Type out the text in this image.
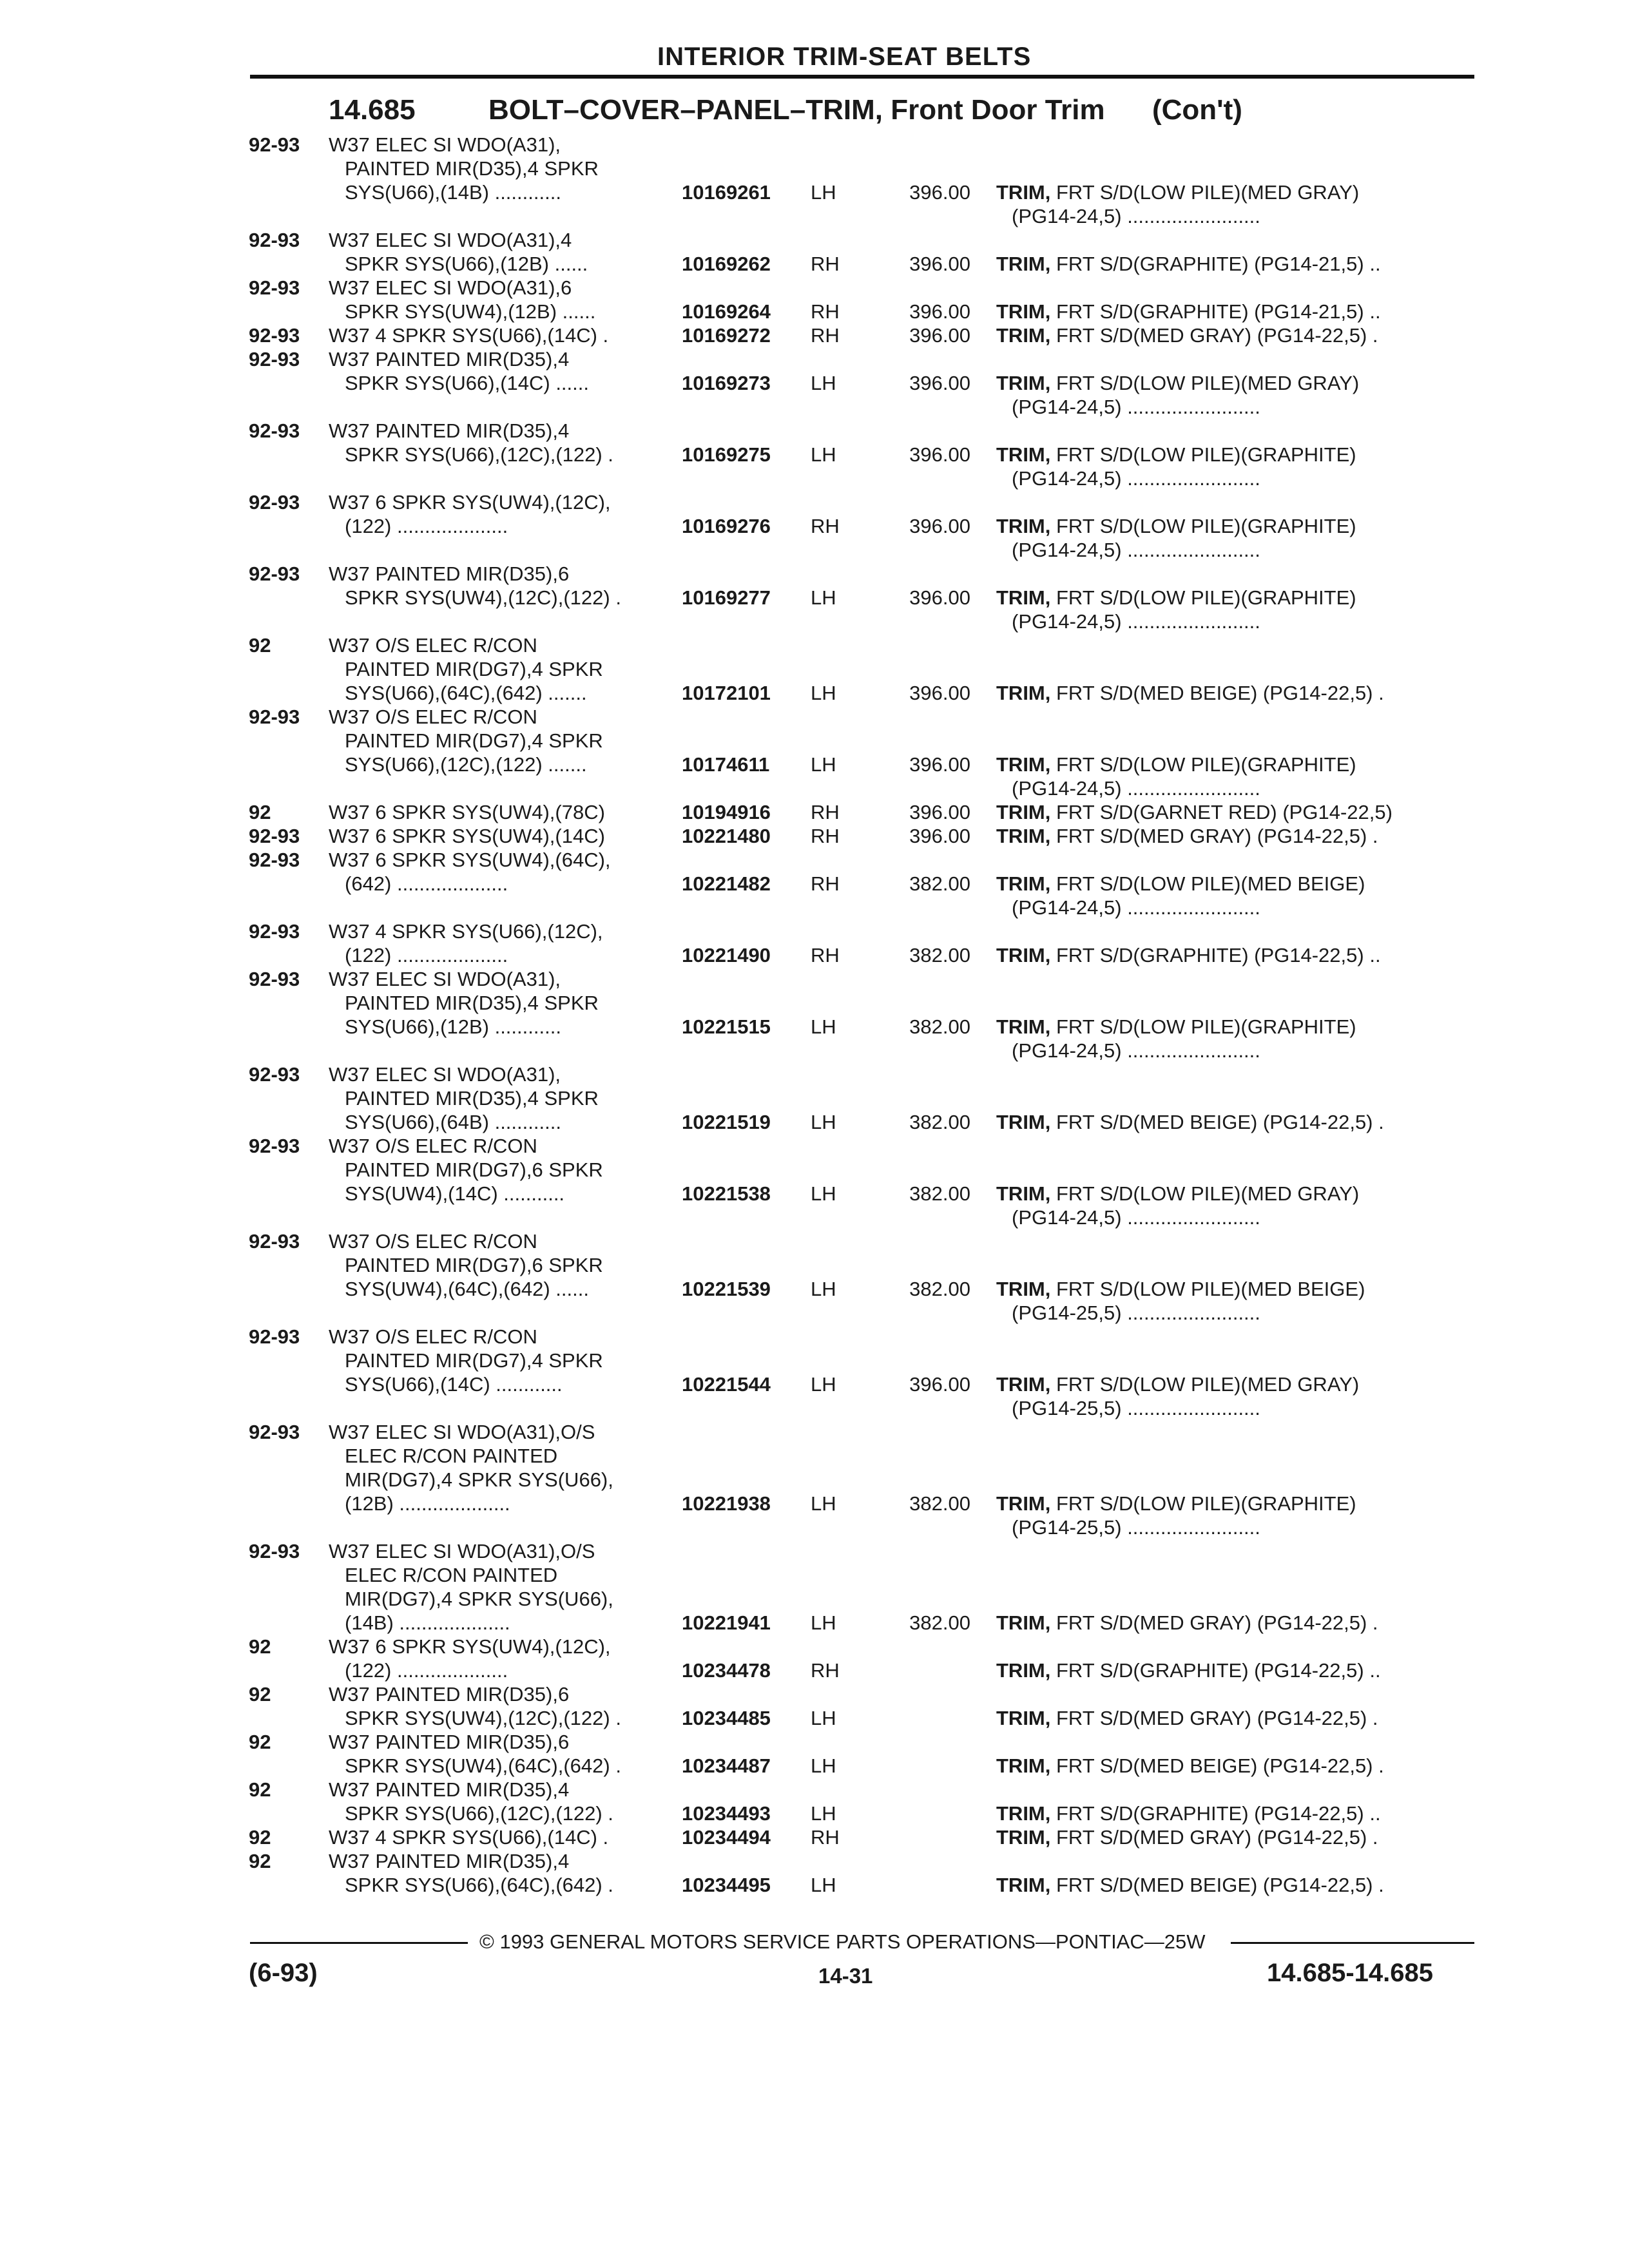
INTERIOR TRIM-SEAT BELTS
14.685	BOLT–COVER–PANEL–TRIM, Front Door Trim (Con't)
92-93 W37 ELEC SI WDO(A31),
PAINTED MIR(D35),4 SPKR
SYS(U66),(14B) ............	10169261 LH	396.00 TRIM, FRT S/D(LOW PILE)(MED GRAY)
(PG14-24,5) ........................
92-93 W37 ELEC SI WDO(A31),4
SPKR SYS(U66),(12B) ......	10169262 RH	396.00 TRIM, FRT S/D(GRAPHITE) (PG14-21,5) ..
92-93 W37 ELEC SI WDO(A31),6
SPKR SYS(UW4),(12B) ......	10169264 RH	396.00 TRIM, FRT S/D(GRAPHITE) (PG14-21,5) ..
92-93 W37 4 SPKR SYS(U66),(14C) .	10169272 RH	396.00 TRIM, FRT S/D(MED GRAY) (PG14-22,5) .
92-93 W37 PAINTED MIR(D35),4
SPKR SYS(U66),(14C) ......	10169273 LH	396.00 TRIM, FRT S/D(LOW PILE)(MED GRAY)
(PG14-24,5) ........................
92-93 W37 PAINTED MIR(D35),4
SPKR SYS(U66),(12C),(122) .	10169275 LH	396.00 TRIM, FRT S/D(LOW PILE)(GRAPHITE)
(PG14-24,5) ........................
92-93 W37 6 SPKR SYS(UW4),(12C),
(122) ....................	10169276 RH	396.00 TRIM, FRT S/D(LOW PILE)(GRAPHITE)
(PG14-24,5) ........................
92-93 W37 PAINTED MIR(D35),6
SPKR SYS(UW4),(12C),(122) .	10169277 LH	396.00 TRIM, FRT S/D(LOW PILE)(GRAPHITE)
(PG14-24,5) ........................
92	W37 O/S ELEC R/CON
PAINTED MIR(DG7),4 SPKR
SYS(U66),(64C),(642) .......	10172101 LH	396.00 TRIM, FRT S/D(MED BEIGE) (PG14-22,5) .
92-93 W37 O/S ELEC R/CON
PAINTED MIR(DG7),4 SPKR
SYS(U66),(12C),(122) .......	10174611 LH	396.00 TRIM, FRT S/D(LOW PILE)(GRAPHITE)
(PG14-24,5) ........................
92	W37 6 SPKR SYS(UW4),(78C)	10194916 RH	396.00 TRIM, FRT S/D(GARNET RED) (PG14-22,5)
92-93 W37 6 SPKR SYS(UW4),(14C)	10221480 RH	396.00 TRIM, FRT S/D(MED GRAY) (PG14-22,5) .
92-93 W37 6 SPKR SYS(UW4),(64C),
(642) ....................	10221482 RH	382.00 TRIM, FRT S/D(LOW PILE)(MED BEIGE)
(PG14-24,5) ........................
92-93 W37 4 SPKR SYS(U66),(12C),
(122) ....................	10221490 RH	382.00 TRIM, FRT S/D(GRAPHITE) (PG14-22,5) ..
92-93 W37 ELEC SI WDO(A31),
PAINTED MIR(D35),4 SPKR
SYS(U66),(12B) ............	10221515 LH	382.00 TRIM, FRT S/D(LOW PILE)(GRAPHITE)
(PG14-24,5) ........................
92-93 W37 ELEC SI WDO(A31),
PAINTED MIR(D35),4 SPKR
SYS(U66),(64B) ............	10221519 LH	382.00 TRIM, FRT S/D(MED BEIGE) (PG14-22,5) .
92-93 W37 O/S ELEC R/CON
PAINTED MIR(DG7),6 SPKR
SYS(UW4),(14C) ...........	10221538 LH	382.00 TRIM, FRT S/D(LOW PILE)(MED GRAY)
(PG14-24,5) ........................
92-93 W37 O/S ELEC R/CON
PAINTED MIR(DG7),6 SPKR
SYS(UW4),(64C),(642) ......	10221539 LH	382.00 TRIM, FRT S/D(LOW PILE)(MED BEIGE)
(PG14-25,5) ........................
92-93 W37 O/S ELEC R/CON
PAINTED MIR(DG7),4 SPKR
SYS(U66),(14C) ............	10221544 LH	396.00 TRIM, FRT S/D(LOW PILE)(MED GRAY)
(PG14-25,5) ........................
92-93 W37 ELEC SI WDO(A31),O/S
ELEC R/CON PAINTED
MIR(DG7),4 SPKR SYS(U66),
(12B) ....................	10221938 LH	382.00 TRIM, FRT S/D(LOW PILE)(GRAPHITE)
(PG14-25,5) ........................
92-93 W37 ELEC SI WDO(A31),O/S
ELEC R/CON PAINTED
MIR(DG7),4 SPKR SYS(U66),
(14B) ....................	10221941 LH	382.00 TRIM, FRT S/D(MED GRAY) (PG14-22,5) .
92	W37 6 SPKR SYS(UW4),(12C),
(122) ....................	10234478 RH	TRIM, FRT S/D(GRAPHITE) (PG14-22,5) ..
92	W37 PAINTED MIR(D35),6
SPKR SYS(UW4),(12C),(122) .	10234485 LH	TRIM, FRT S/D(MED GRAY) (PG14-22,5) .
92	W37 PAINTED MIR(D35),6
SPKR SYS(UW4),(64C),(642) .	10234487 LH	TRIM, FRT S/D(MED BEIGE) (PG14-22,5) .
92	W37 PAINTED MIR(D35),4
SPKR SYS(U66),(12C),(122) .	10234493 LH	TRIM, FRT S/D(GRAPHITE) (PG14-22,5) ..
92	W37 4 SPKR SYS(U66),(14C) .	10234494 RH	TRIM, FRT S/D(MED GRAY) (PG14-22,5) .
92	W37 PAINTED MIR(D35),4
SPKR SYS(U66),(64C),(642) .	10234495 LH	TRIM, FRT S/D(MED BEIGE) (PG14-22,5) .
© 1993 GENERAL MOTORS SERVICE PARTS OPERATIONS—PONTIAC—25W
(6-93)	14-31	14.685-14.685
